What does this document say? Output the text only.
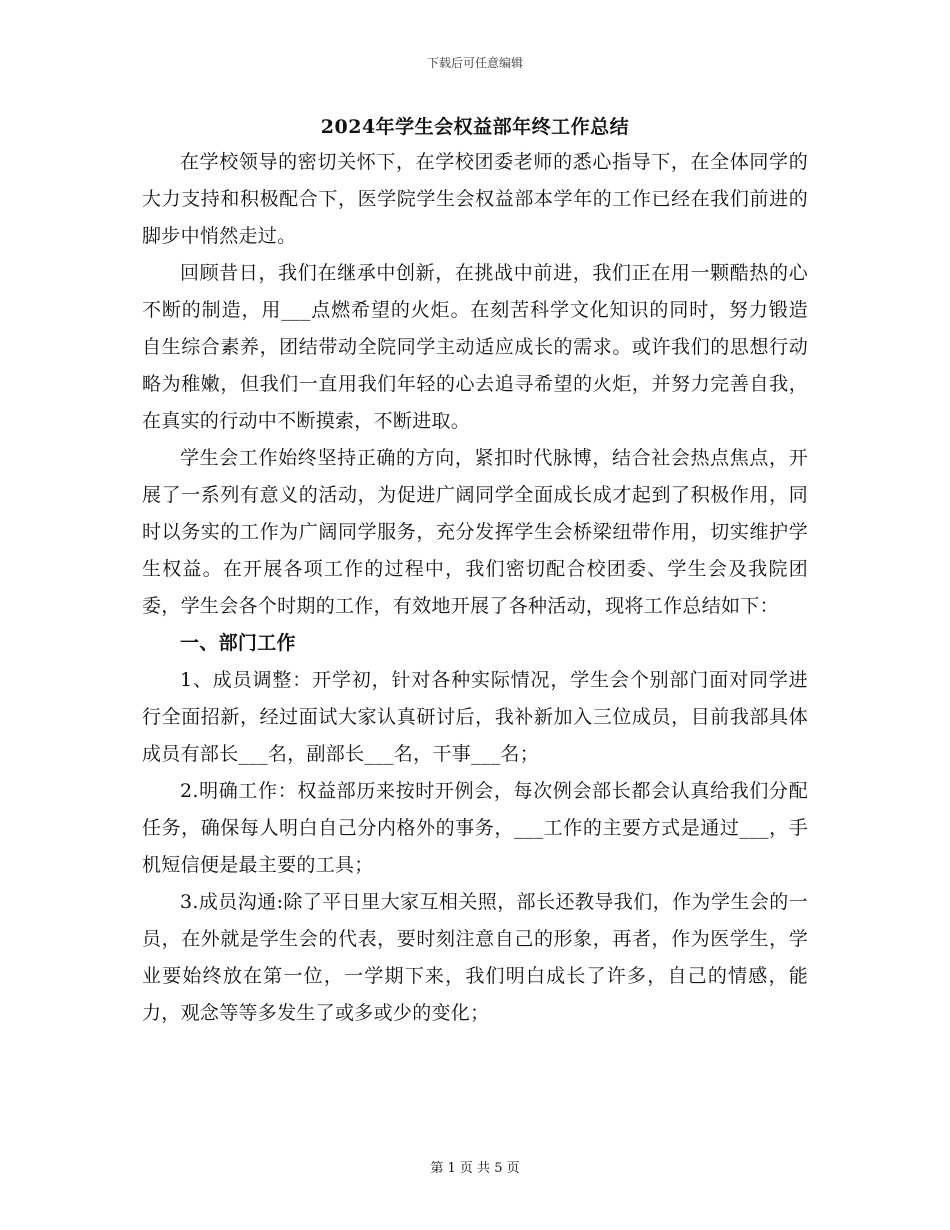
下载后可任意编辑
2024年学生会权益部年终工作总结

在学校领导的密切关怀下，在学校团委老师的悉心指导下，在全体同学的大力支持和积极配合下，医学院学生会权益部本学年的工作已经在我们前进的脚步中悄然走过。

回顾昔日，我们在继承中创新，在挑战中前进，我们正在用一颗酷热的心不断的制造，用___点燃希望的火炬。在刻苦科学文化知识的同时，努力锻造自生综合素养，团结带动全院同学主动适应成长的需求。或许我们的思想行动略为稚嫩，但我们一直用我们年轻的心去追寻希望的火炬，并努力完善自我，在真实的行动中不断摸索，不断进取。

学生会工作始终坚持正确的方向，紧扣时代脉博，结合社会热点焦点，开展了一系列有意义的活动，为促进广阔同学全面成长成才起到了积极作用，同时以务实的工作为广阔同学服务，充分发挥学生会桥梁纽带作用，切实维护学生权益。在开展各项工作的过程中，我们密切配合校团委、学生会及我院团委，学生会各个时期的工作，有效地开展了各种活动，现将工作总结如下：

一、部门工作

1、成员调整：开学初，针对各种实际情况，学生会个别部门面对同学进行全面招新，经过面试大家认真研讨后，我补新加入三位成员，目前我部具体成员有部长___名，副部长___名，干事___名；

2.明确工作：权益部历来按时开例会，每次例会部长都会认真给我们分配任务，确保每人明白自己分内格外的事务，___工作的主要方式是通过___，手机短信便是最主要的工具；

3.成员沟通:除了平日里大家互相关照，部长还教导我们，作为学生会的一员，在外就是学生会的代表，要时刻注意自己的形象，再者，作为医学生，学业要始终放在第一位，一学期下来，我们明白成长了许多，自己的情感，能力，观念等等多发生了或多或少的变化；

第 1 页 共 5 页
